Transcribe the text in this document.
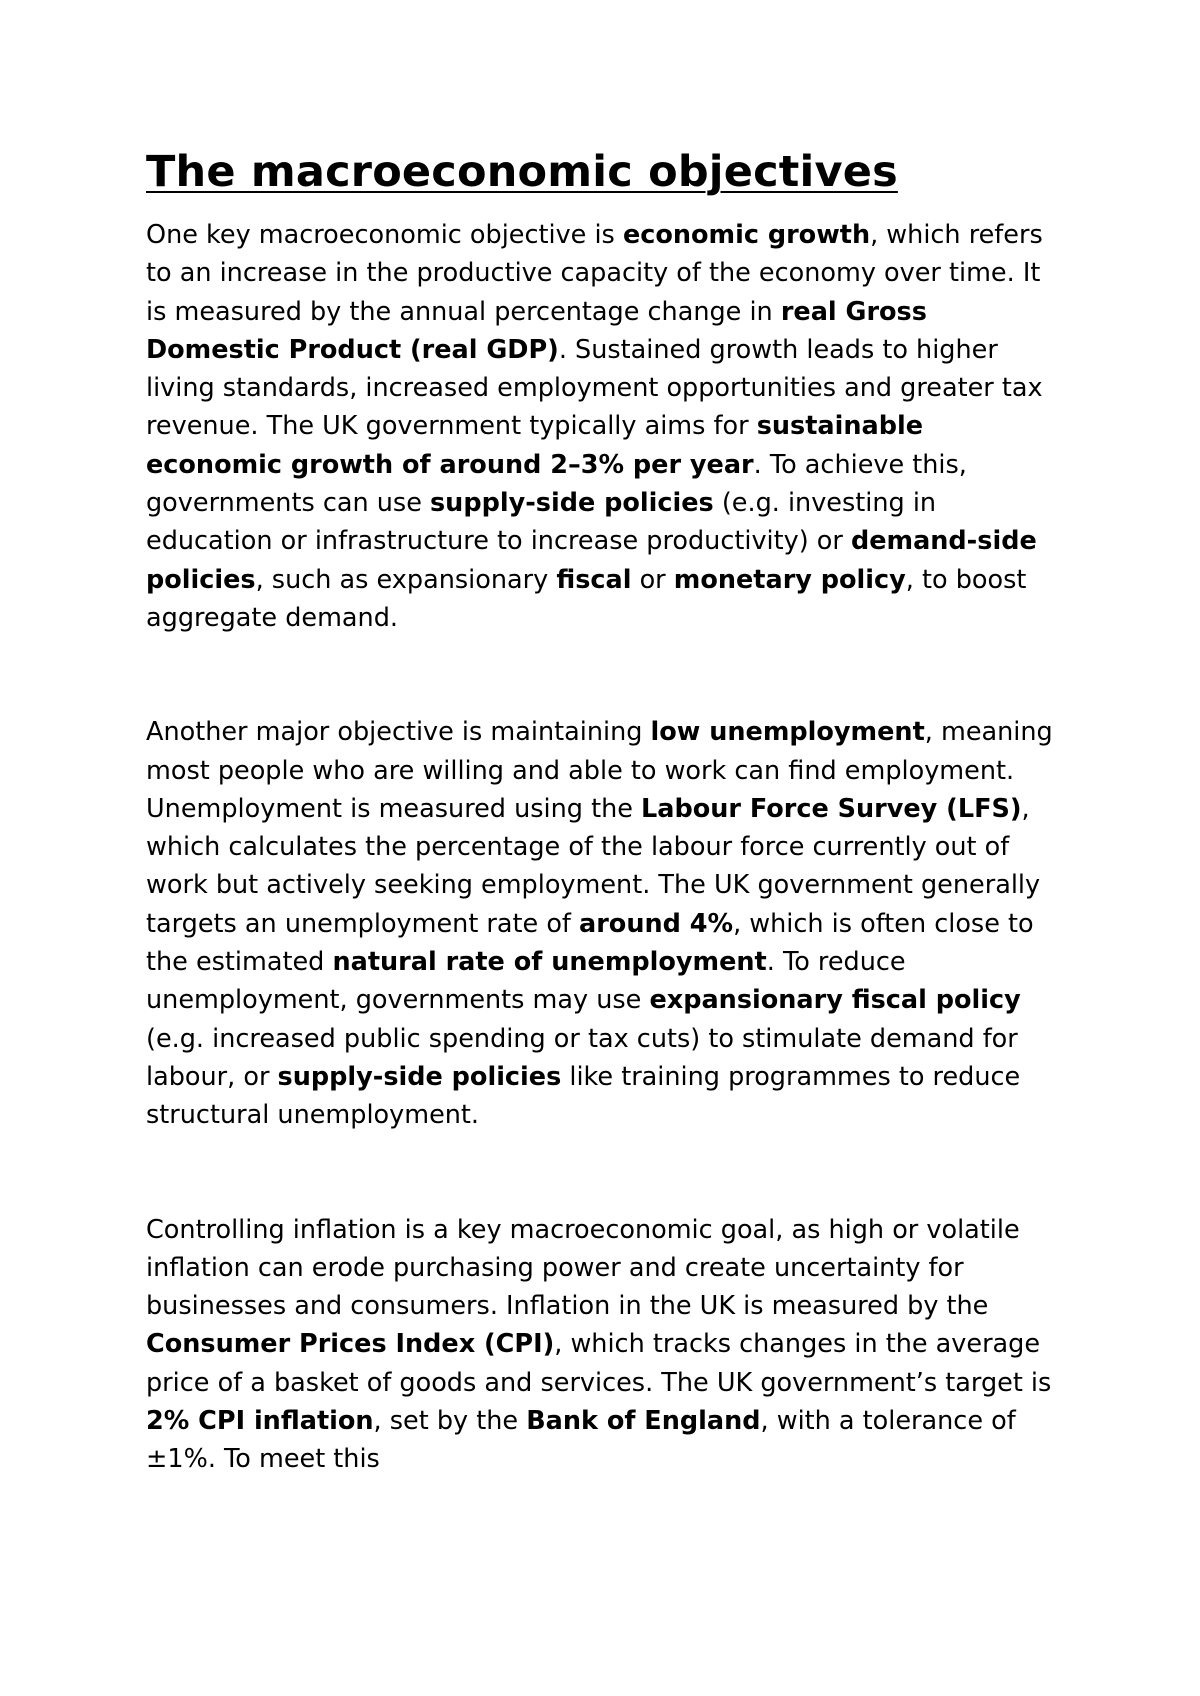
The macroeconomic objectives

One key macroeconomic objective is economic growth, which refers to an increase in the productive capacity of the economy over time. It is measured by the annual percentage change in real Gross Domestic Product (real GDP). Sustained growth leads to higher living standards, increased employment opportunities and greater tax revenue. The UK government typically aims for sustainable economic growth of around 2–3% per year. To achieve this, governments can use supply-side policies (e.g. investing in education or infrastructure to increase productivity) or demand-side policies, such as expansionary fiscal or monetary policy, to boost aggregate demand.

Another major objective is maintaining low unemployment, meaning most people who are willing and able to work can find employment. Unemployment is measured using the Labour Force Survey (LFS), which calculates the percentage of the labour force currently out of work but actively seeking employment. The UK government generally targets an unemployment rate of around 4%, which is often close to the estimated natural rate of unemployment. To reduce unemployment, governments may use expansionary fiscal policy (e.g. increased public spending or tax cuts) to stimulate demand for labour, or supply-side policies like training programmes to reduce structural unemployment.

Controlling inflation is a key macroeconomic goal, as high or volatile inflation can erode purchasing power and create uncertainty for businesses and consumers. Inflation in the UK is measured by the Consumer Prices Index (CPI), which tracks changes in the average price of a basket of goods and services. The UK government’s target is 2% CPI inflation, set by the Bank of England, with a tolerance of ±1%. To meet this
